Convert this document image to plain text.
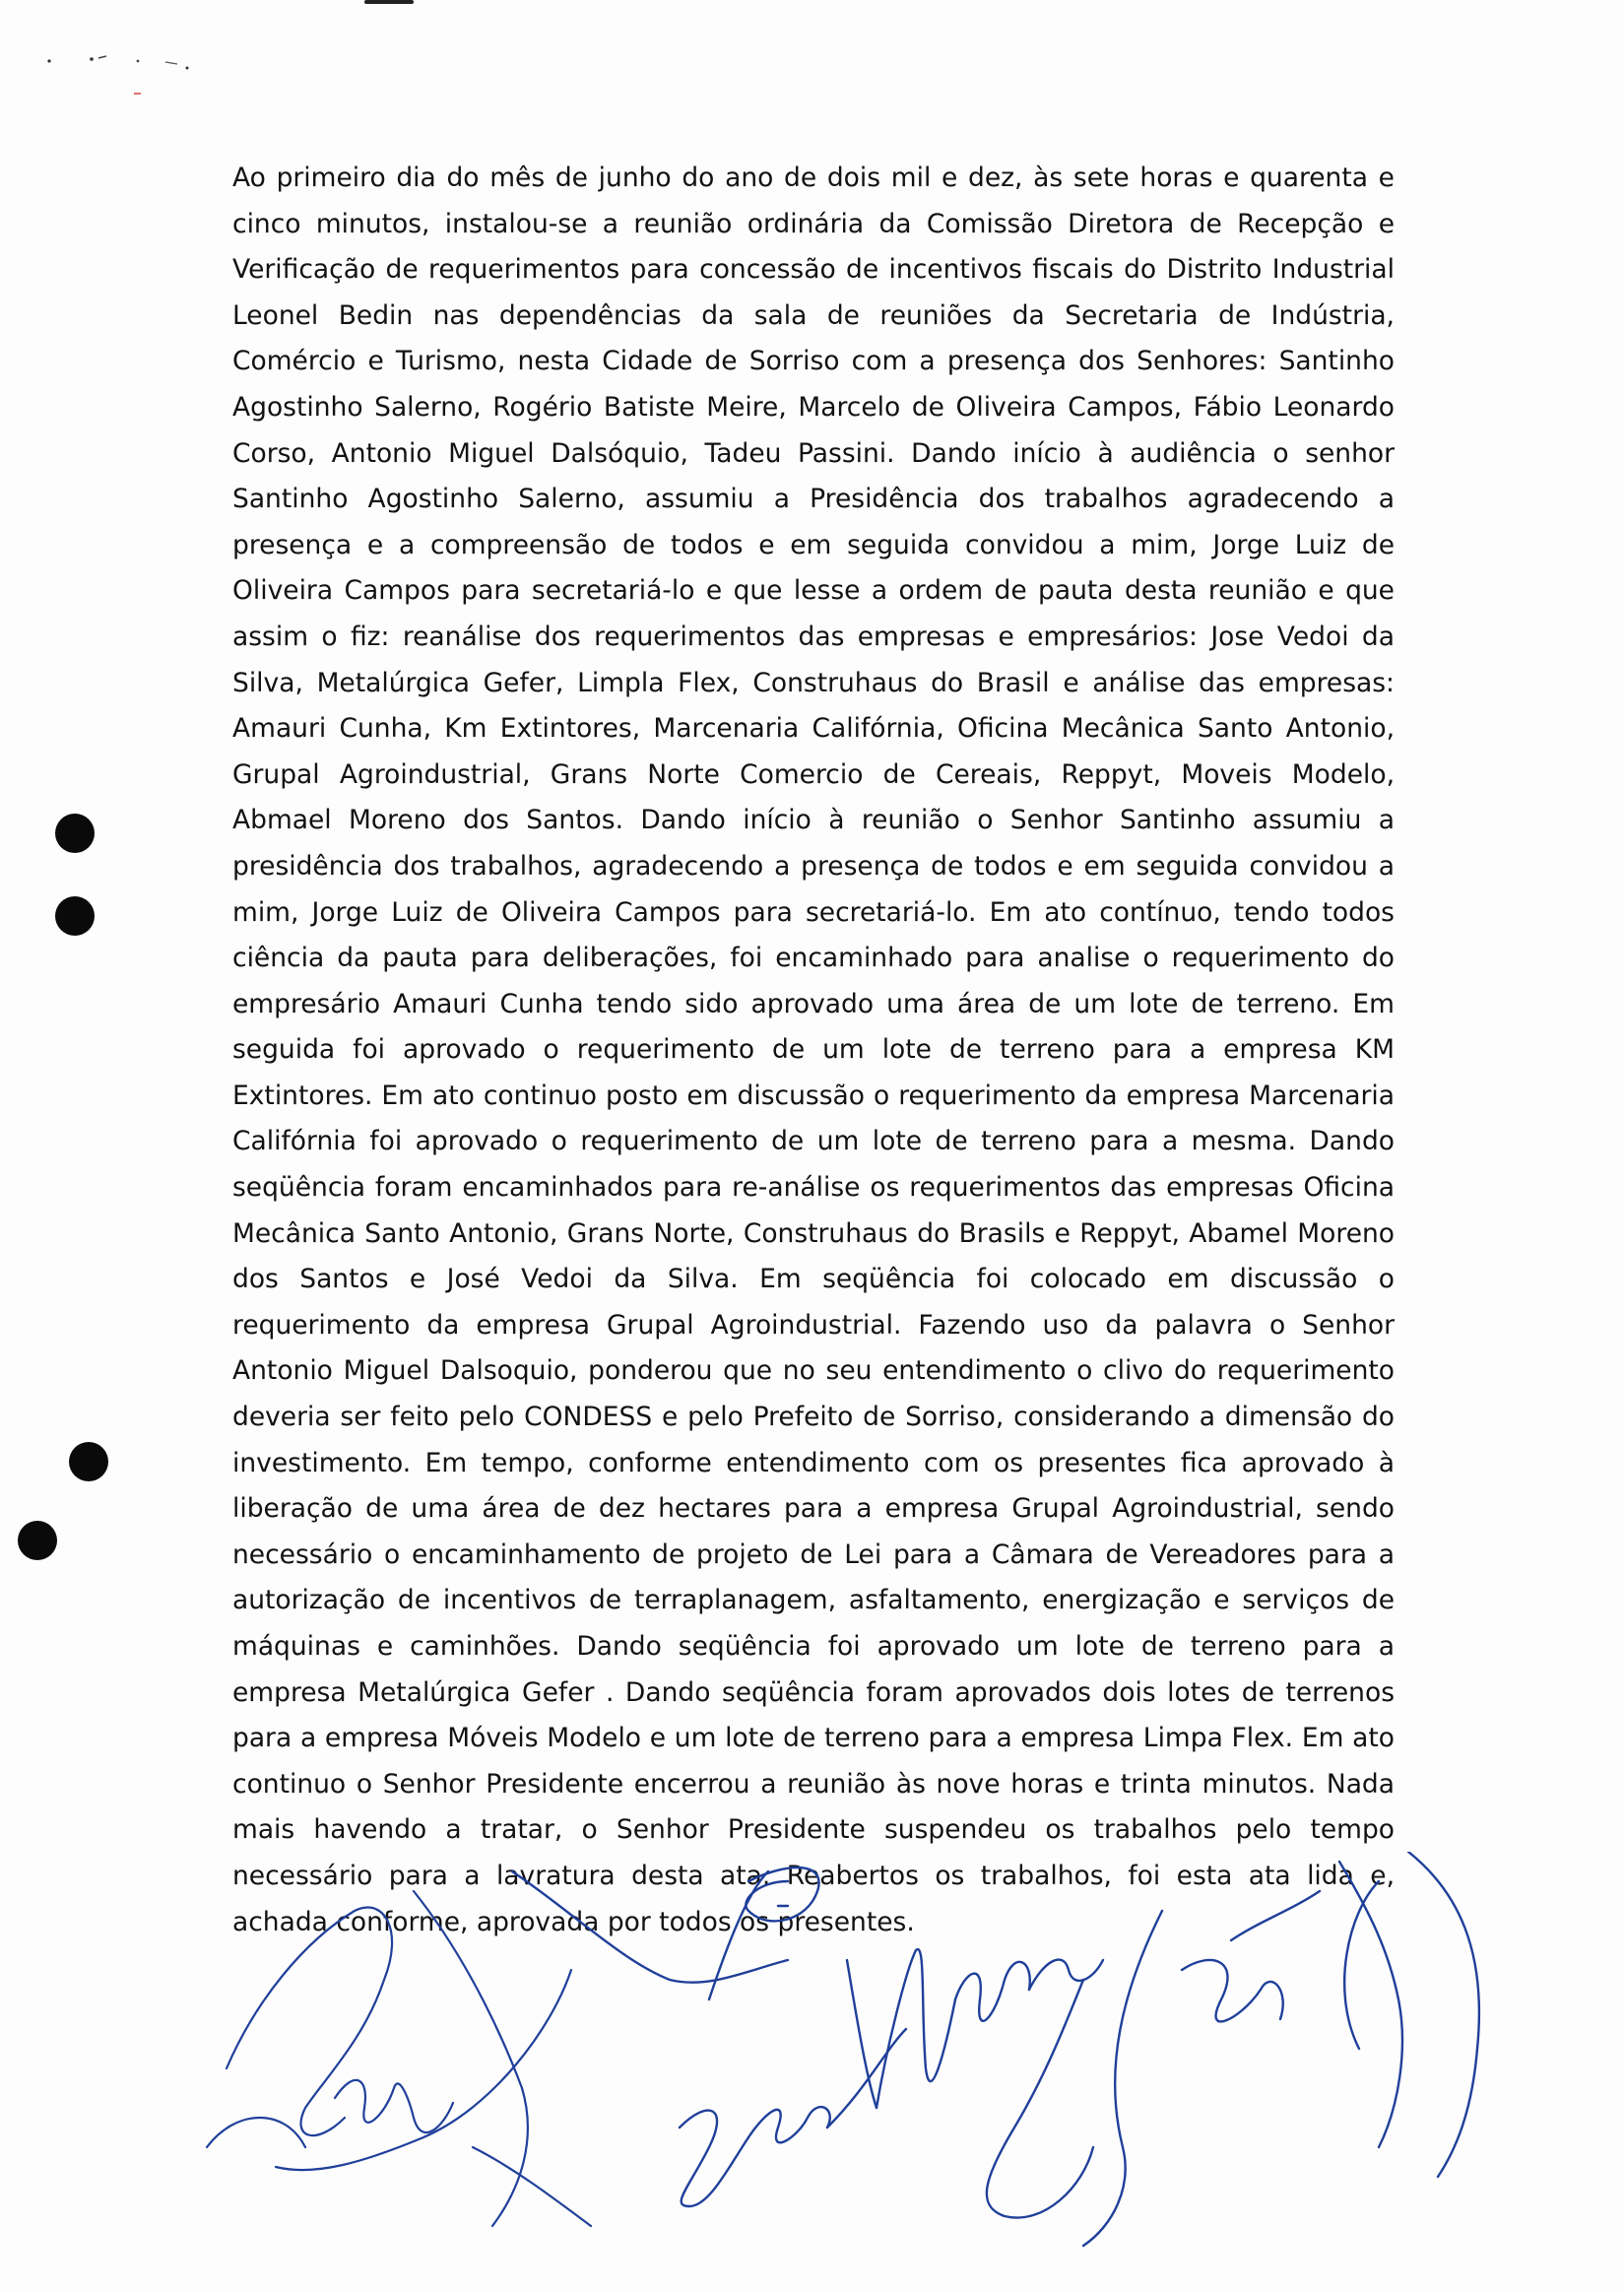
Ao primeiro dia do mês de junho do ano de dois mil e dez, às sete horas e quarenta e cinco minutos, instalou-se a reunião ordinária da Comissão Diretora de Recepção e Verificação de requerimentos para concessão de incentivos fiscais do Distrito Industrial Leonel Bedin nas dependências da sala de reuniões da Secretaria de Indústria, Comércio e Turismo, nesta Cidade de Sorriso com a presença dos Senhores: Santinho Agostinho Salerno, Rogério Batiste Meire, Marcelo de Oliveira Campos, Fábio Leonardo Corso, Antonio Miguel Dalsóquio, Tadeu Passini. Dando início à audiência o senhor Santinho Agostinho Salerno, assumiu a Presidência dos trabalhos agradecendo a presença e a compreensão de todos e em seguida convidou a mim, Jorge Luiz de Oliveira Campos para secretariá-lo e que lesse a ordem de pauta desta reunião e que assim o fiz: reanálise dos requerimentos das empresas e empresários: Jose Vedoi da Silva, Metalúrgica Gefer, Limpla Flex, Construhaus do Brasil e análise das empresas: Amauri Cunha, Km Extintores, Marcenaria Califórnia, Oficina Mecânica Santo Antonio, Grupal Agroindustrial, Grans Norte Comercio de Cereais, Reppyt, Moveis Modelo, Abmael Moreno dos Santos. Dando início à reunião o Senhor Santinho assumiu a presidência dos trabalhos, agradecendo a presença de todos e em seguida convidou a mim, Jorge Luiz de Oliveira Campos para secretariá-lo. Em ato contínuo, tendo todos ciência da pauta para deliberações, foi encaminhado para analise o requerimento do empresário Amauri Cunha tendo sido aprovado uma área de um lote de terreno. Em seguida foi aprovado o requerimento de um lote de terreno para a empresa KM Extintores. Em ato continuo posto em discussão o requerimento da empresa Marcenaria Califórnia foi aprovado o requerimento de um lote de terreno para a mesma. Dando seqüência foram encaminhados para re-análise os requerimentos das empresas Oficina Mecânica Santo Antonio, Grans Norte, Construhaus do Brasils e Reppyt, Abamel Moreno dos Santos e José Vedoi da Silva. Em seqüência foi colocado em discussão o requerimento da empresa Grupal Agroindustrial. Fazendo uso da palavra o Senhor Antonio Miguel Dalsoquio, ponderou que no seu entendimento o clivo do requerimento deveria ser feito pelo CONDESS e pelo Prefeito de Sorriso, considerando a dimensão do investimento. Em tempo, conforme entendimento com os presentes fica aprovado à liberação de uma área de dez hectares para a empresa Grupal Agroindustrial, sendo necessário o encaminhamento de projeto de Lei para a Câmara de Vereadores para a autorização de incentivos de terraplanagem, asfaltamento, energização e serviços de máquinas e caminhões. Dando seqüência foi aprovado um lote de terreno para a empresa Metalúrgica Gefer . Dando seqüência foram aprovados dois lotes de terrenos para a empresa Móveis Modelo e um lote de terreno para a empresa Limpa Flex. Em ato continuo o Senhor Presidente encerrou a reunião às nove horas e trinta minutos. Nada mais havendo a tratar, o Senhor Presidente suspendeu os trabalhos pelo tempo necessário para a lavratura desta ata. Reabertos os trabalhos, foi esta ata lida e, achada conforme, aprovada por todos os presentes.
